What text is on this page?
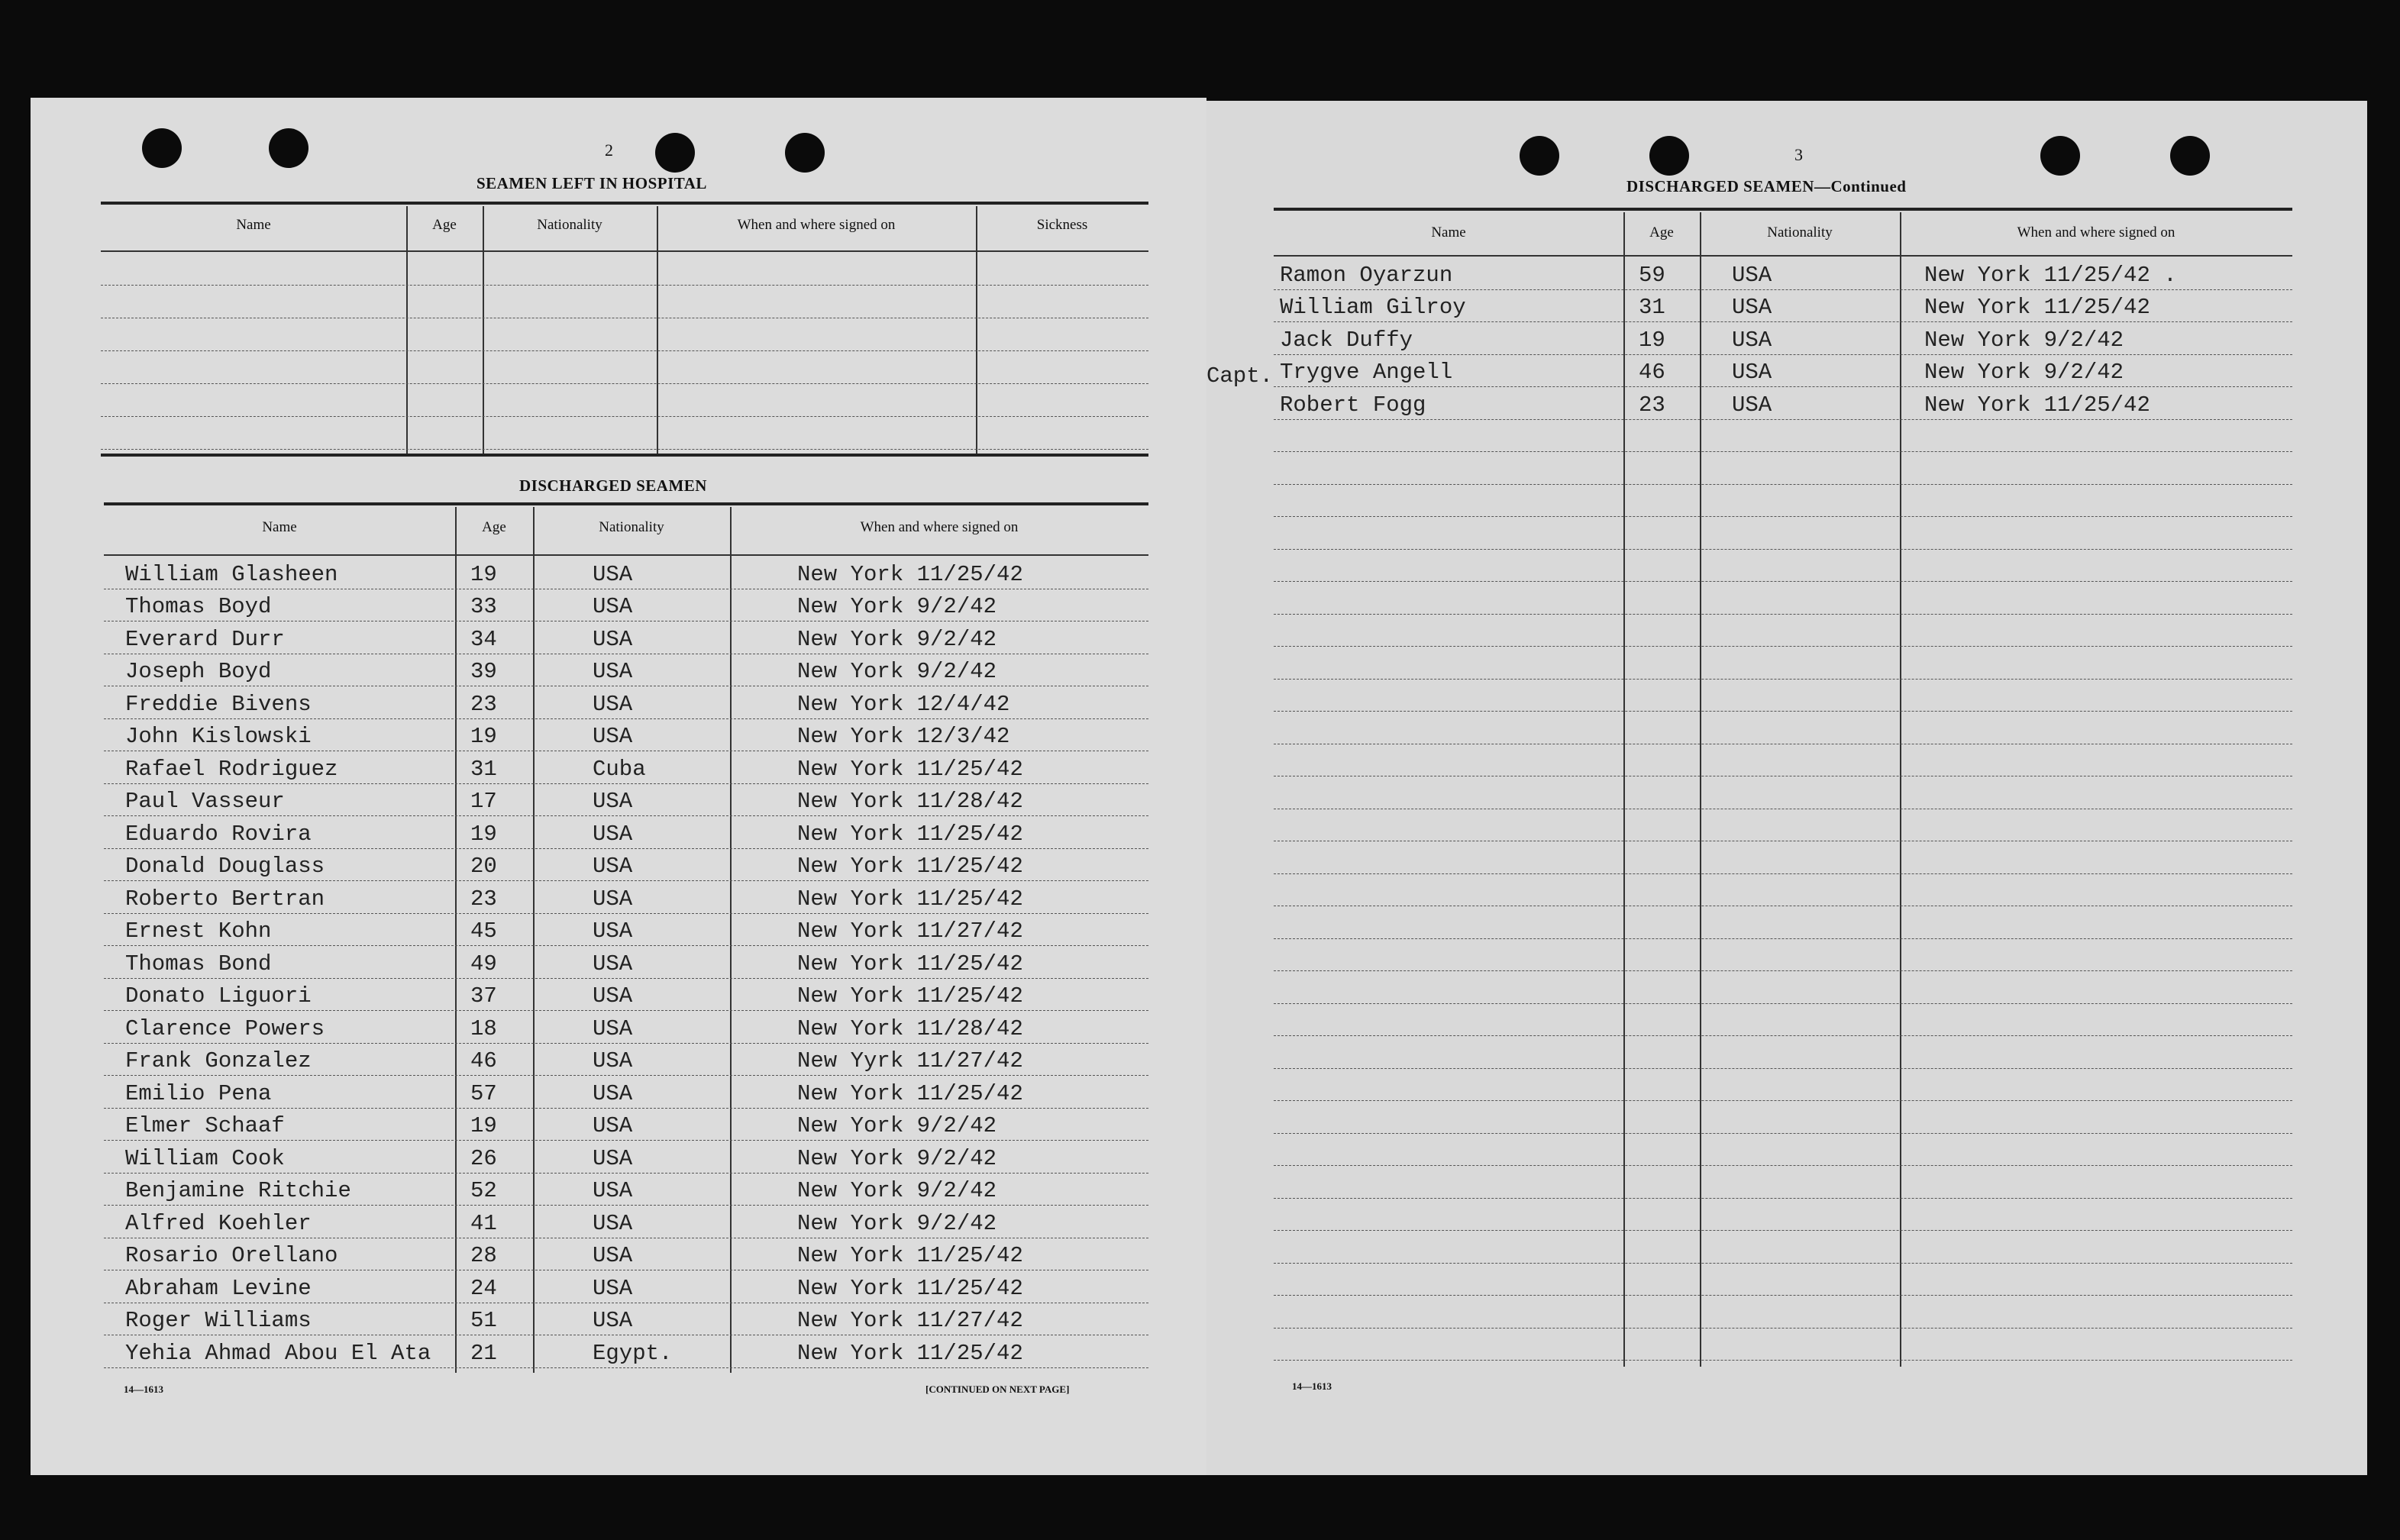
2
SEAMEN LEFT IN HOSPITAL
Name	Age	Nationality	When and where signed on	Sickness
DISCHARGED SEAMEN
Name	Age	Nationality	When and where signed on
William Glasheen	19	USA	New York 11/25/42
Thomas Boyd	33	USA	New York 9/2/42
Everard Durr	34	USA	New York 9/2/42
Joseph Boyd	39	USA	New York 9/2/42
Freddie Bivens	23	USA	New York 12/4/42
John Kislowski	19	USA	New York 12/3/42
Rafael Rodriguez	31	Cuba	New York 11/25/42
Paul Vasseur	17	USA	New York 11/28/42
Eduardo Rovira	19	USA	New York 11/25/42
Donald Douglass	20	USA	New York 11/25/42
Roberto Bertran	23	USA	New York 11/25/42
Ernest Kohn	45	USA	New York 11/27/42
Thomas Bond	49	USA	New York 11/25/42
Donato Liguori	37	USA	New York 11/25/42
Clarence Powers	18	USA	New York 11/28/42
Frank Gonzalez	46	USA	New Yyrk 11/27/42
Emilio Pena	57	USA	New York 11/25/42
Elmer Schaaf	19	USA	New York 9/2/42
William Cook	26	USA	New York 9/2/42
Benjamine Ritchie	52	USA	New York 9/2/42
Alfred Koehler	41	USA	New York 9/2/42
Rosario Orellano	28	USA	New York 11/25/42
Abraham Levine	24	USA	New York 11/25/42
Roger Williams	51	USA	New York 11/27/42
Yehia Ahmad Abou El Ata 21	Egypt.	New York 11/25/42
14—1613	[CONTINUED ON NEXT PAGE]
3
DISCHARGED SEAMEN—Continued
Capt.
Name	Age	Nationality	When and where signed on
Ramon Oyarzun	59	USA	New York 11/25/42 .
William Gilroy	31	USA	New York 11/25/42
Jack Duffy	19	USA	New York 9/2/42
Trygve Angell	46	USA	New York 9/2/42
Robert Fogg	23	USA	New York 11/25/42
14—1613
